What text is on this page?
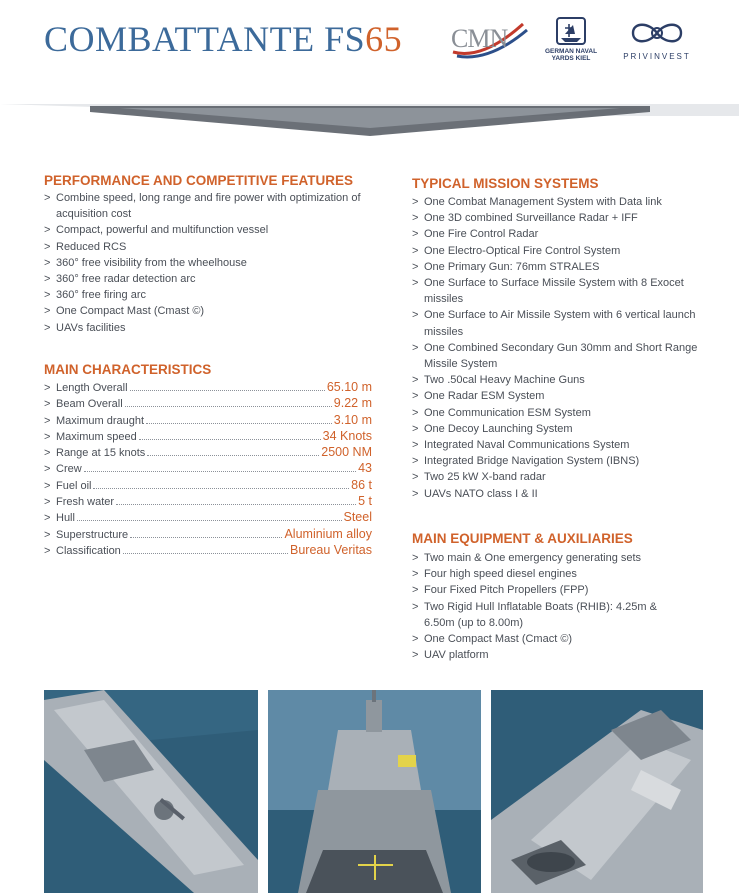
COMBATTANTE FS65 CMN	GERMAN NAVAL
YARDS KIEL	PRIVINVEST
PERFORMANCE AND COMPETITIVE FEATURES
> Combine speed, long range and fire power with optimization of acquisition cost
> Compact, powerful and multifunction vessel
> Reduced RCS
> 360° free visibility from the wheelhouse
> 360° free radar detection arc
> 360° free firing arc
> One Compact Mast (Cmast ©)
> UAVs facilities
MAIN CHARACTERISTICS
> Length Overall	65.10 m
> Beam Overall	9.22 m
> Maximum draught	3.10 m
> Maximum speed	34 Knots
> Range at 15 knots	2500 NM
> Crew	43
> Fuel oil	86 t
> Fresh water	5 t
> Hull	Steel
> Superstructure	Aluminium alloy
> Classification	Bureau Veritas
TYPICAL MISSION SYSTEMS
> One Combat Management System with Data link
> One 3D combined Surveillance Radar + IFF
> One Fire Control Radar
> One Electro-Optical Fire Control System
> One Primary Gun: 76mm STRALES
> One Surface to Surface Missile System with 8 Exocet missiles
> One Surface to Air Missile System with 6 vertical launch missiles
> One Combined Secondary Gun 30mm and Short Range Missile System
> Two .50cal Heavy Machine Guns
> One Radar ESM System
> One Communication ESM System
> One Decoy Launching System
> Integrated Naval Communications System
> Integrated Bridge Navigation System (IBNS)
> Two 25 kW X-band radar
> UAVs NATO class I & II
MAIN EQUIPMENT & AUXILIARIES
> Two main & One emergency generating sets
> Four high speed diesel engines
> Four Fixed Pitch Propellers (FPP)
> Two Rigid Hull Inflatable Boats (RHIB): 4.25m & 6.50m (up to 8.00m)
> One Compact Mast (Cmact ©)
> UAV platform
